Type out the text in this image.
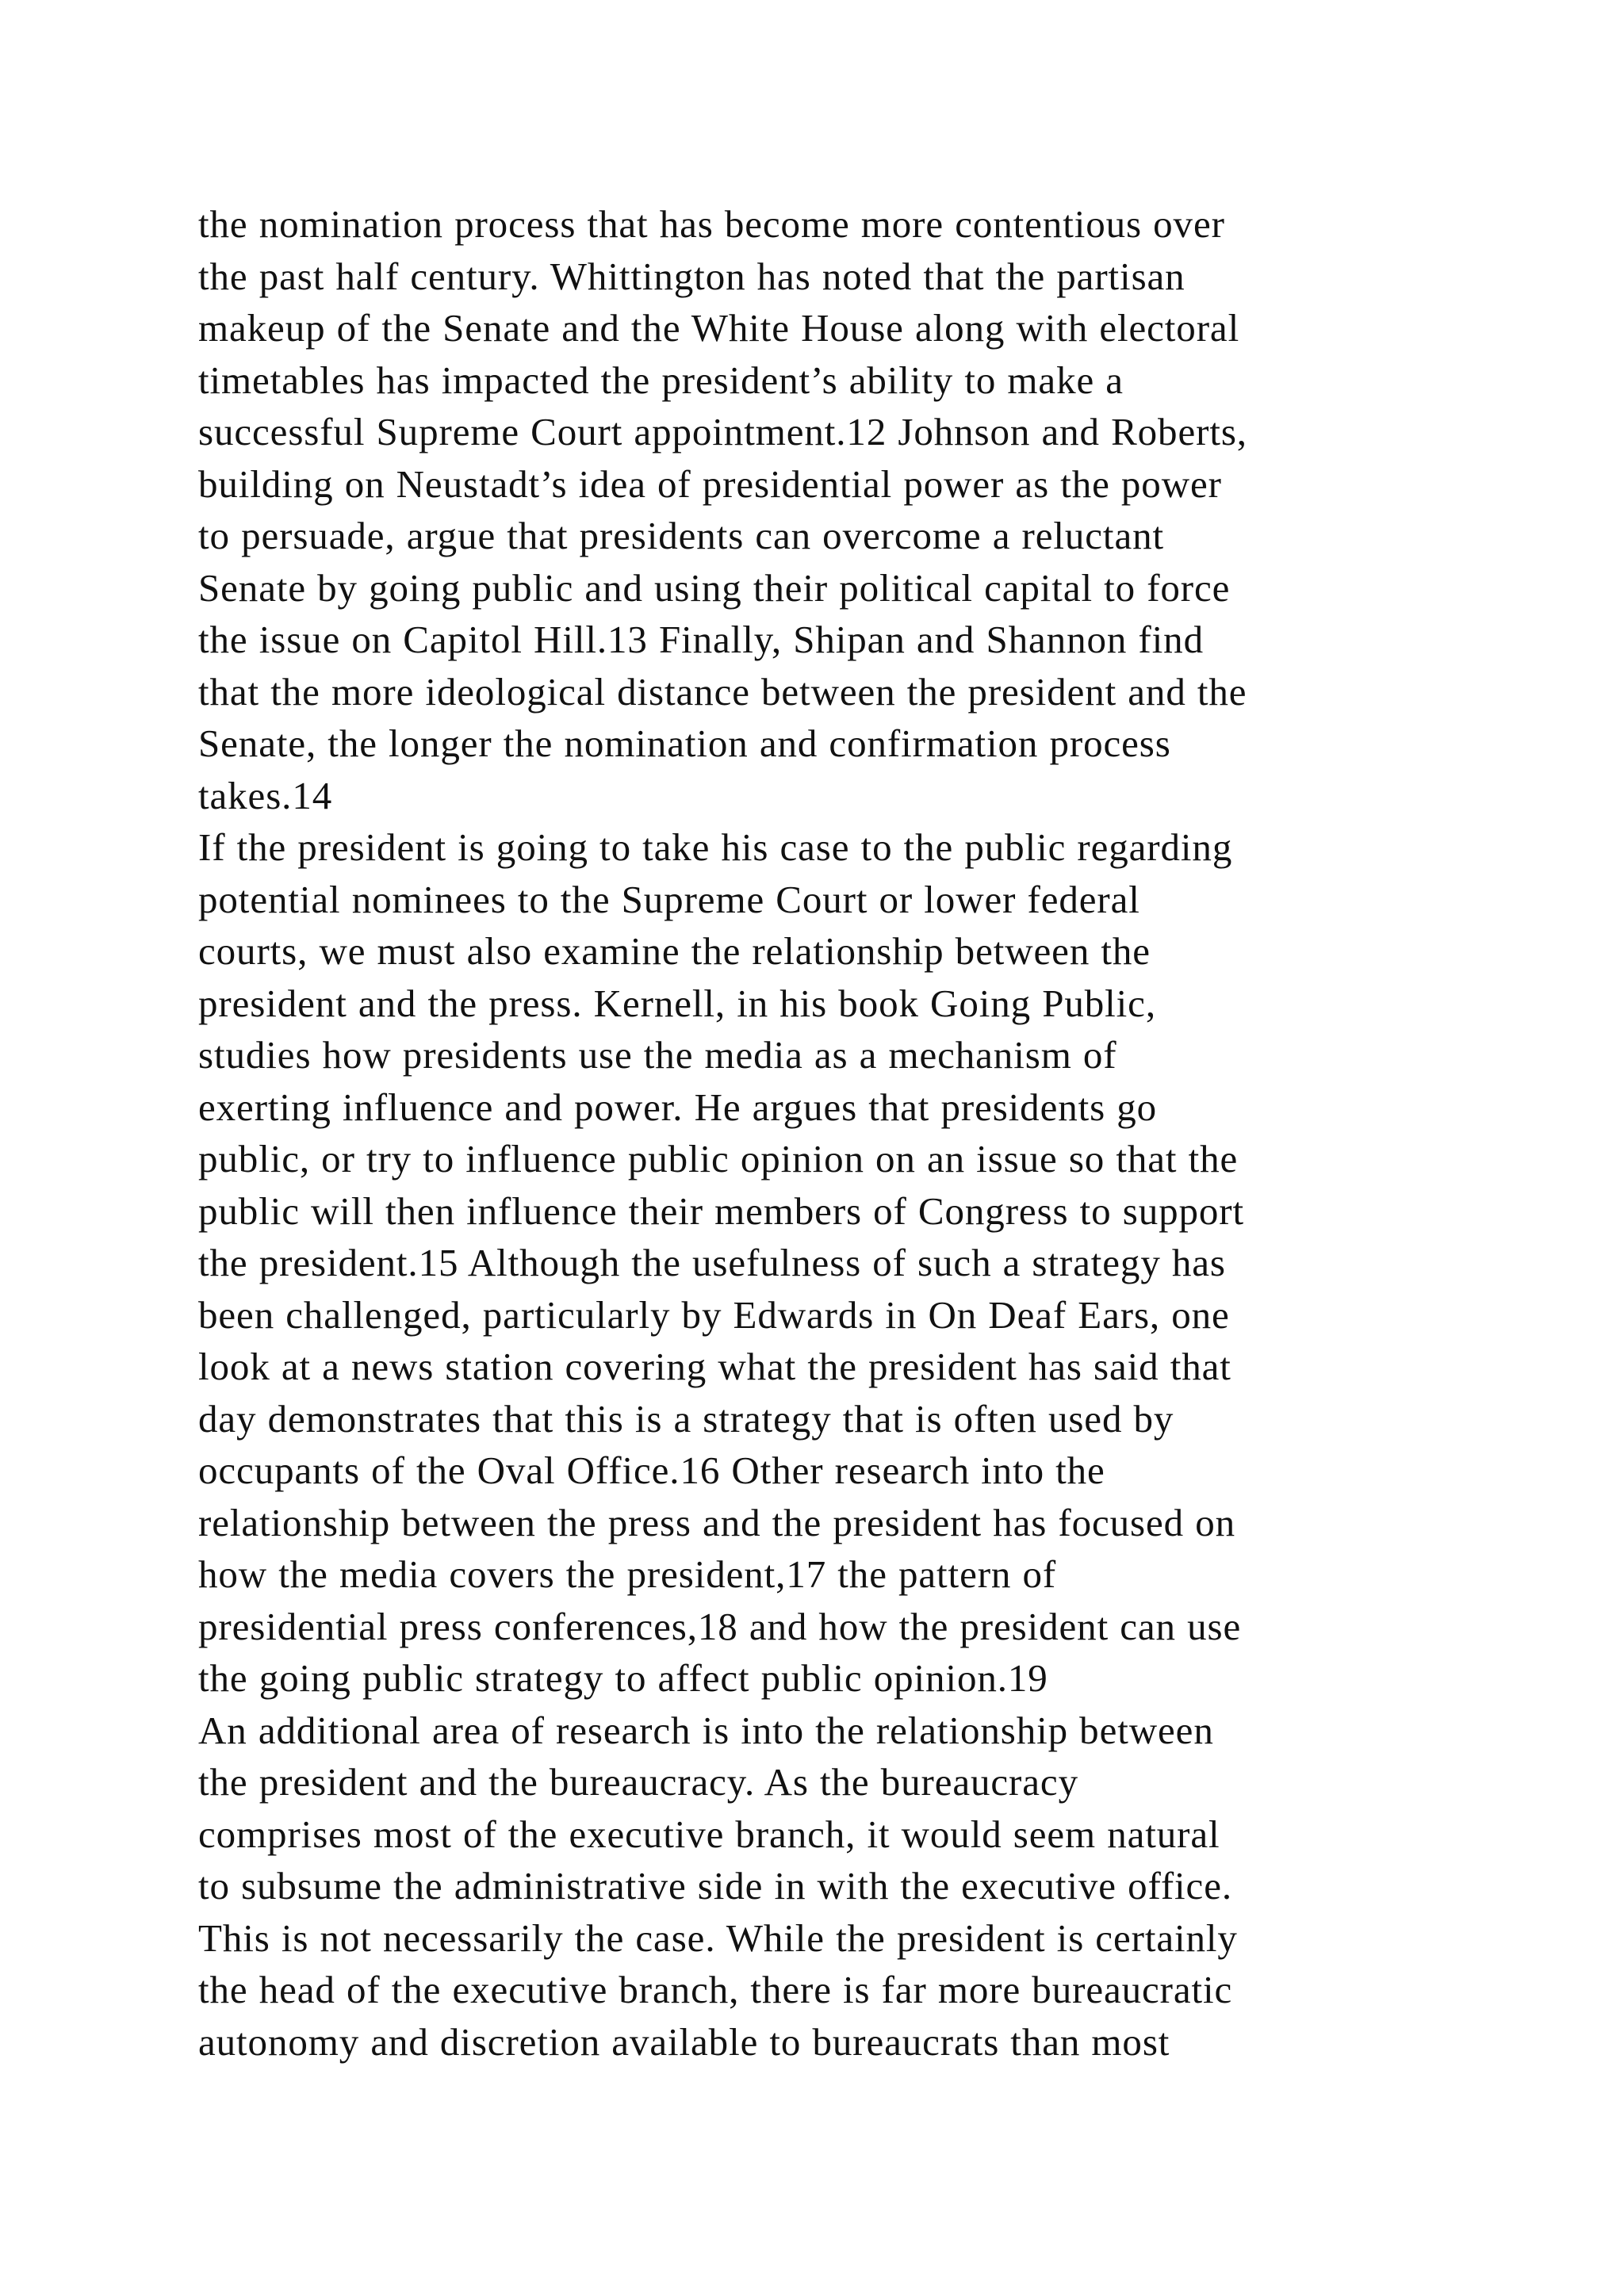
the nomination process that has become more contentious over
the past half century. Whittington has noted that the partisan
makeup of the Senate and the White House along with electoral
timetables has impacted the president’s ability to make a
successful Supreme Court appointment.12 Johnson and Roberts,
building on Neustadt’s idea of presidential power as the power
to persuade, argue that presidents can overcome a reluctant
Senate by going public and using their political capital to force
the issue on Capitol Hill.13 Finally, Shipan and Shannon find
that the more ideological distance between the president and the
Senate, the longer the nomination and confirmation process
takes.14
If the president is going to take his case to the public regarding
potential nominees to the Supreme Court or lower federal
courts, we must also examine the relationship between the
president and the press. Kernell, in his book Going Public,
studies how presidents use the media as a mechanism of
exerting influence and power. He argues that presidents go
public, or try to influence public opinion on an issue so that the
public will then influence their members of Congress to support
the president.15 Although the usefulness of such a strategy has
been challenged, particularly by Edwards in On Deaf Ears, one
look at a news station covering what the president has said that
day demonstrates that this is a strategy that is often used by
occupants of the Oval Office.16 Other research into the
relationship between the press and the president has focused on
how the media covers the president,17 the pattern of
presidential press conferences,18 and how the president can use
the going public strategy to affect public opinion.19
An additional area of research is into the relationship between
the president and the bureaucracy. As the bureaucracy
comprises most of the executive branch, it would seem natural
to subsume the administrative side in with the executive office.
This is not necessarily the case. While the president is certainly
the head of the executive branch, there is far more bureaucratic
autonomy and discretion available to bureaucrats than most
